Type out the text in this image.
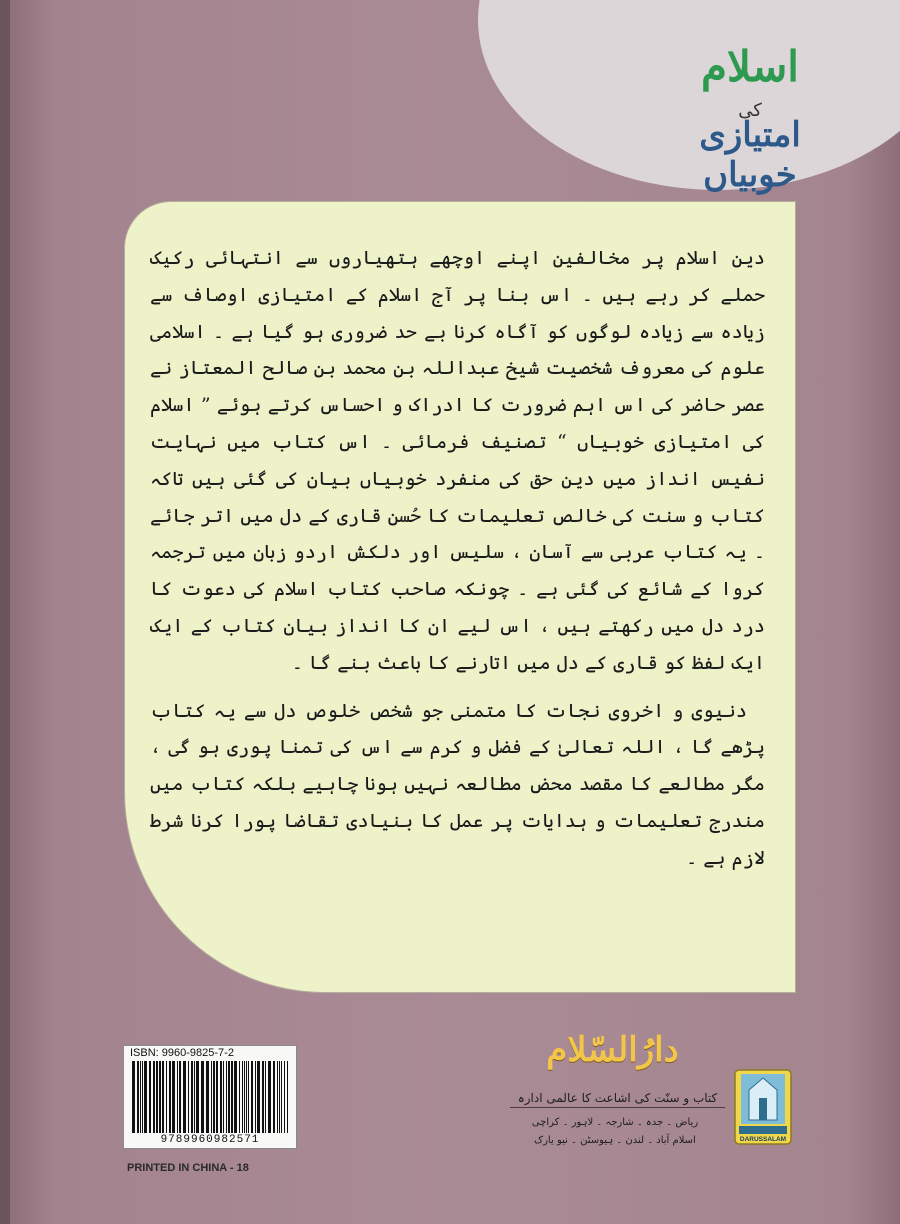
اسلام
کی
امتیازی خوبیاں

دین اسلام پر مخالفین اپنے اوچھے ہتھیاروں سے انتہائی رکیک حملے کر رہے ہیں ۔ اس بنا پر آج اسلام کے امتیازی اوصاف سے زیادہ سے زیادہ لوگوں کو آگاہ کرنا بے حد ضروری ہو گیا ہے ۔ اسلامی علوم کی معروف شخصیت شیخ عبداللہ بن محمد بن صالح المعتاز نے عصر حاضر کی اس اہم ضرورت کا ادراک و احساس کرتے ہوئے ” اسلام کی امتیازی خوبیاں “ تصنیف فرمائی ۔ اس کتاب میں نہایت نفیس انداز میں دین حق کی منفرد خوبیاں بیان کی گئی ہیں تاکہ کتاب و سنت کی خالص تعلیمات کا حُسن قاری کے دل میں اتر جائے ۔ یہ کتاب عربی سے آسان ، سلیس اور دلکش اردو زبان میں ترجمہ کروا کے شائع کی گئی ہے ۔ چونکہ صاحب کتاب اسلام کی دعوت کا درد دل میں رکھتے ہیں ، اس لیے ان کا انداز بیان کتاب کے ایک ایک لفظ کو قاری کے دل میں اتارنے کا باعث بنے گا ۔

دنیوی و اخروی نجات کا متمنی جو شخص خلوص دل سے یہ کتاب پڑھے گا ، اللہ تعالیٰ کے فضل و کرم سے اس کی تمنا پوری ہو گی ، مگر مطالعے کا مقصد محض مطالعہ نہیں ہونا چاہیے بلکہ کتاب میں مندرج تعلیمات و ہدایات پر عمل کا بنیادی تقاضا پورا کرنا شرط لازم ہے ۔

ISBN: 9960-9825-7-2
9789960982571
PRINTED IN CHINA - 18
دارُالسّلام
کتاب و سنّت کی اشاعت کا عالمی ادارہ
ریاض ۔ جدہ ۔ شارجہ ۔ لاہور ۔ کراچی
اسلام آباد ۔ لندن ۔ ہیوسٹن ۔ نیو یارک	DARUSSALAM
